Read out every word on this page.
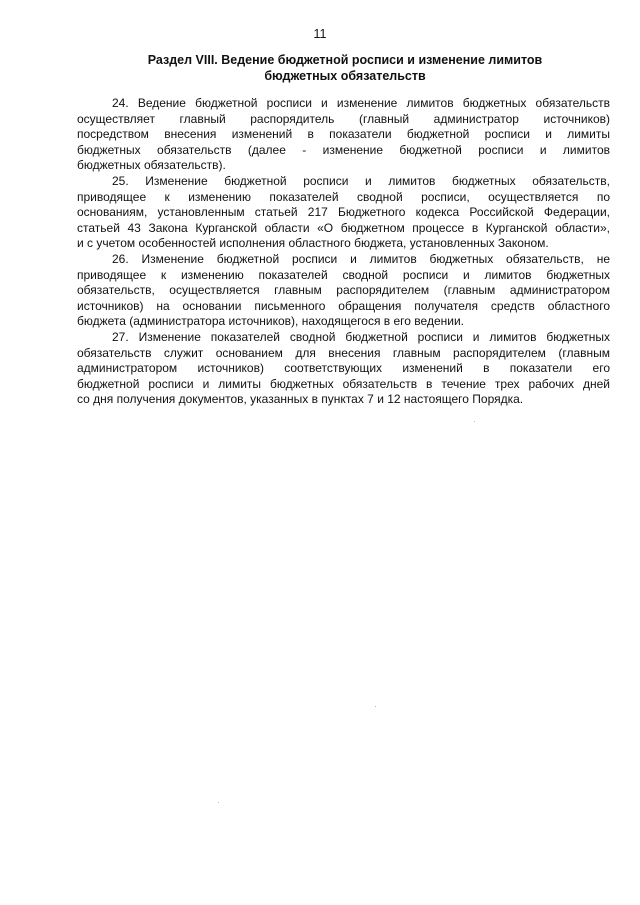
11
Раздел VIII. Ведение бюджетной росписи и изменение лимитов
бюджетных обязательств
24. Ведение бюджетной росписи и изменение лимитов бюджетных обязательств
осуществляет главный распорядитель (главный администратор источников)
посредством внесения изменений в показатели бюджетной росписи и лимиты
бюджетных обязательств (далее - изменение бюджетной росписи и лимитов
бюджетных обязательств).
25. Изменение бюджетной росписи и лимитов бюджетных обязательств,
приводящее к изменению показателей сводной росписи, осуществляется по
основаниям, установленным статьей 217 Бюджетного кодекса Российской Федерации,
статьей 43 Закона Курганской области «О бюджетном процессе в Курганской области»,
и с учетом особенностей исполнения областного бюджета, установленных Законом.
26. Изменение бюджетной росписи и лимитов бюджетных обязательств, не
приводящее к изменению показателей сводной росписи и лимитов бюджетных
обязательств, осуществляется главным распорядителем (главным администратором
источников) на основании письменного обращения получателя средств областного
бюджета (администратора источников), находящегося в его ведении.
27. Изменение показателей сводной бюджетной росписи и лимитов бюджетных
обязательств служит основанием для внесения главным распорядителем (главным
администратором источников) соответствующих изменений в показатели его
бюджетной росписи и лимиты бюджетных обязательств в течение трех рабочих дней
со дня получения документов, указанных в пунктах 7 и 12 настоящего Порядка.
